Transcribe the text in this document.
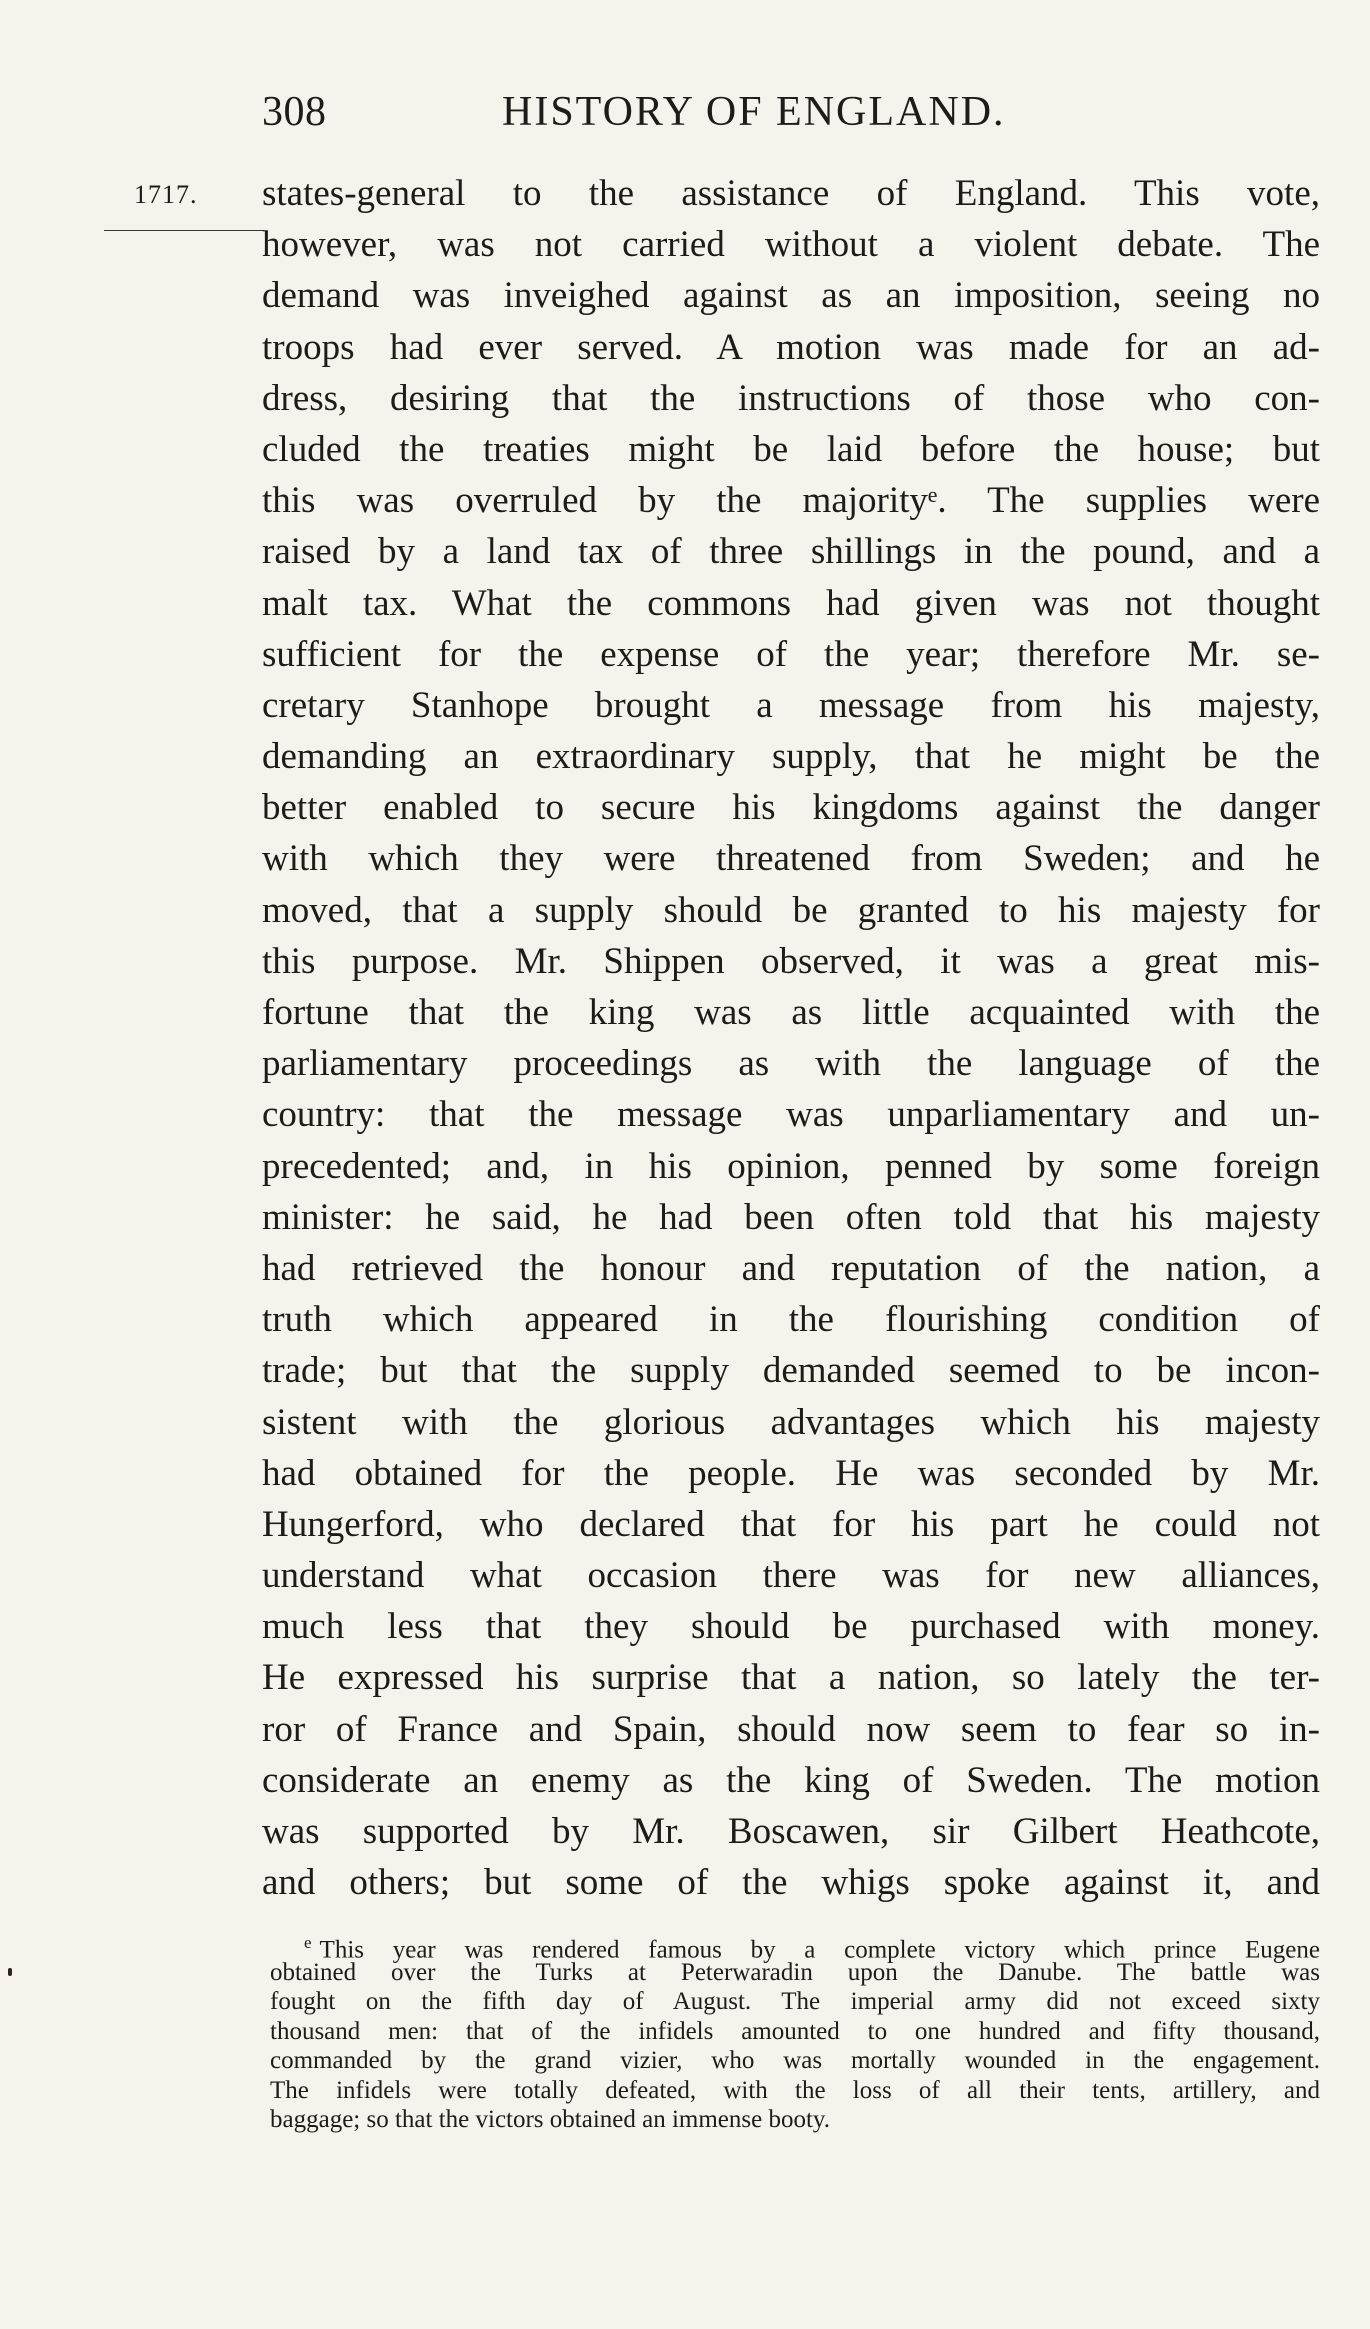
308	HISTORY OF ENGLAND.
1717. states-general to the assistance of England. This vote,
however, was not carried without a violent debate. The
demand was inveighed against as an imposition, seeing no
troops had ever served. A motion was made for an ad-
dress, desiring that the instructions of those who con-
cluded the treaties might be laid before the house; but
this was overruled by the majorityᵉ. The supplies were
raised by a land tax of three shillings in the pound, and a
malt tax. What the commons had given was not thought
sufficient for the expense of the year; therefore Mr. se-
cretary Stanhope brought a message from his majesty,
demanding an extraordinary supply, that he might be the
better enabled to secure his kingdoms against the danger
with which they were threatened from Sweden; and he
moved, that a supply should be granted to his majesty for
this purpose. Mr. Shippen observed, it was a great mis-
fortune that the king was as little acquainted with the
parliamentary proceedings as with the language of the
country: that the message was unparliamentary and un-
precedented; and, in his opinion, penned by some foreign
minister: he said, he had been often told that his majesty
had retrieved the honour and reputation of the nation, a
truth which appeared in the flourishing condition of
trade; but that the supply demanded seemed to be incon-
sistent with the glorious advantages which his majesty
had obtained for the people. He was seconded by Mr.
Hungerford, who declared that for his part he could not
understand what occasion there was for new alliances,
much less that they should be purchased with money.
He expressed his surprise that a nation, so lately the ter-
ror of France and Spain, should now seem to fear so in-
considerate an enemy as the king of Sweden. The motion
was supported by Mr. Boscawen, sir Gilbert Heathcote,
and others; but some of the whigs spoke against it, and
$^e$ This year was rendered famous by a complete victory which prince Eugene
obtained over the Turks at Peterwaradin upon the Danube. The battle was
fought on the fifth day of August. The imperial army did not exceed sixty
thousand men: that of the infidels amounted to one hundred and fifty thousand,
commanded by the grand vizier, who was mortally wounded in the engagement.
The infidels were totally defeated, with the loss of all their tents, artillery, and
baggage; so that the victors obtained an immense booty.
